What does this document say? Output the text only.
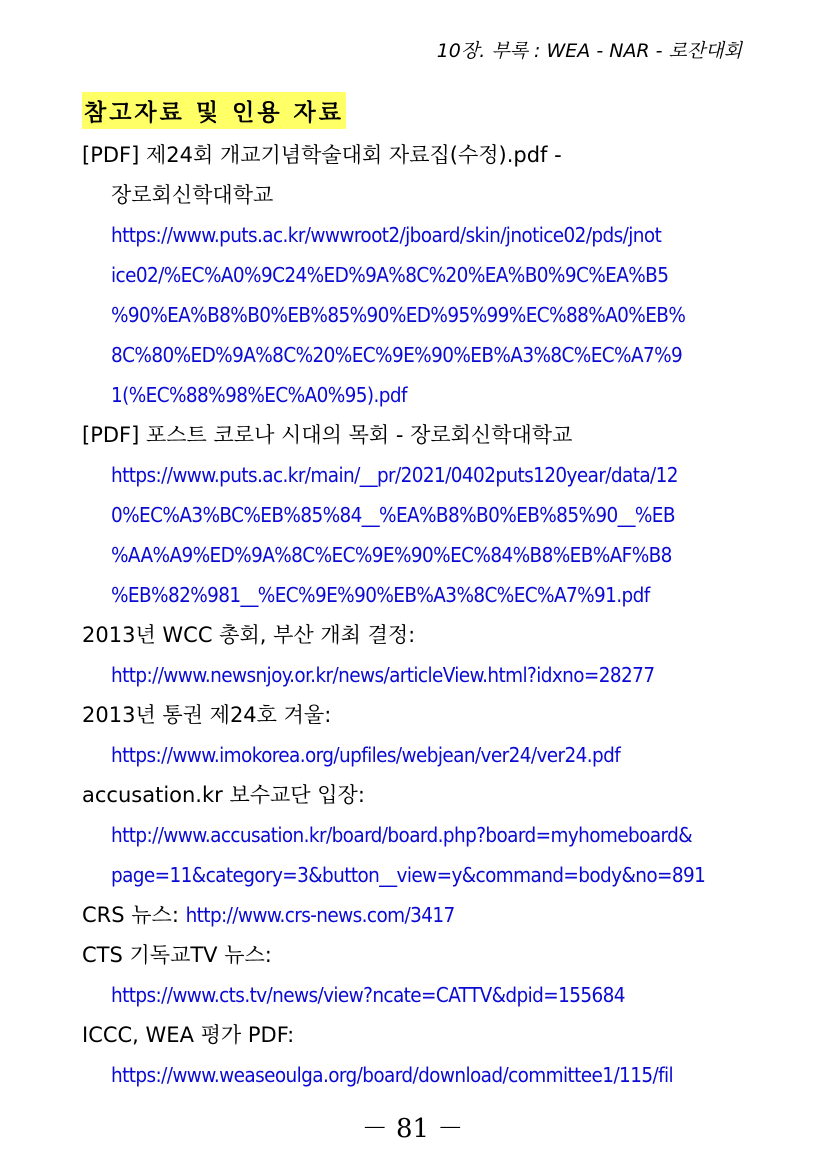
10장. 부록 : WEA - NAR - 로잔대회
참고자료 및 인용 자료

[PDF] 제24회 개교기념학술대회 자료집(수정).pdf -

장로회신학대학교

https://www.puts.ac.kr/wwwroot2/jboard/skin/jnotice02/pds/jnot
ice02/%EC%A0%9C24%ED%9A%8C%20%EA%B0%9C%EA%B5
%90%EA%B8%B0%EB%85%90%ED%95%99%EC%88%A0%EB%
8C%80%ED%9A%8C%20%EC%9E%90%EB%A3%8C%EC%A7%9
1(%EC%88%98%EC%A0%95).pdf

[PDF] 포스트 코로나 시대의 목회 - 장로회신학대학교

https://www.puts.ac.kr/main/__pr/2021/0402puts120year/data/12
0%EC%A3%BC%EB%85%84__%EA%B8%B0%EB%85%90__%EB
%AA%A9%ED%9A%8C%EC%9E%90%EC%84%B8%EB%AF%B8
%EB%82%981__%EC%9E%90%EB%A3%8C%EC%A7%91.pdf

2013년 WCC 총회, 부산 개최 결정:

http://www.newsnjoy.or.kr/news/articleView.html?idxno=28277

2013년 통권 제24호 겨울:

https://www.imokorea.org/upfiles/webjean/ver24/ver24.pdf

accusation.kr 보수교단 입장:

http://www.accusation.kr/board/board.php?board=myhomeboard&
page=11&category=3&button__view=y&command=body&no=891

CRS 뉴스: http://www.crs-news.com/3417

CTS 기독교TV 뉴스:

https://www.cts.tv/news/view?ncate=CATTV&dpid=155684

ICCC, WEA 평가 PDF:

https://www.weaseoulga.org/board/download/committee1/115/fil
－ 81 －
